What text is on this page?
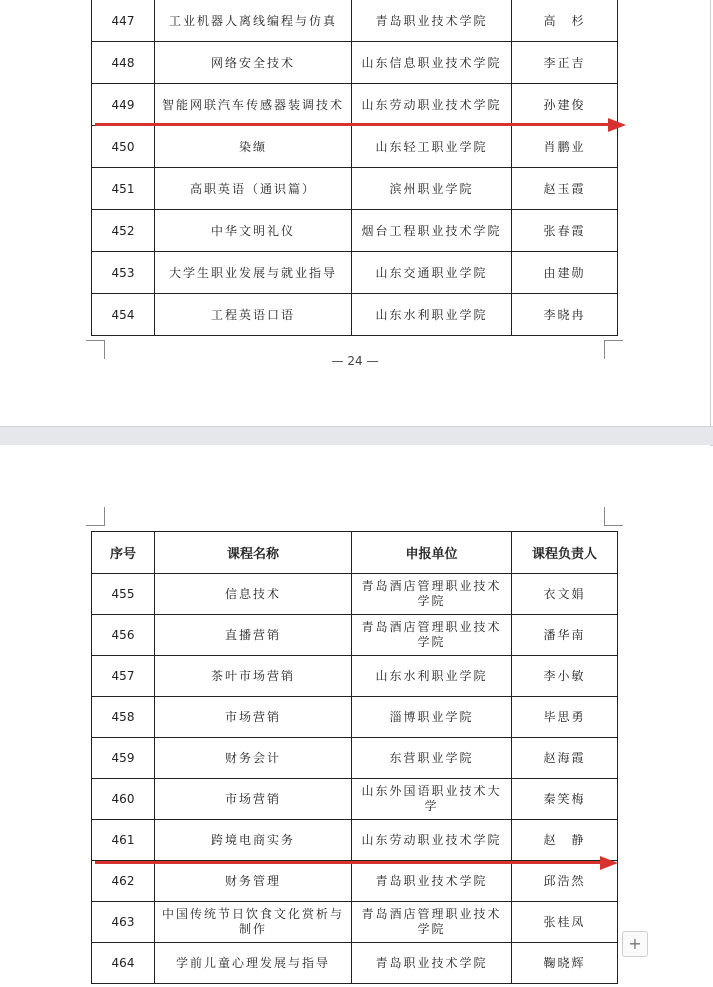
447	工业机器人离线编程与仿真	青岛职业技术学院	高　杉
448	网络安全技术	山东信息职业技术学院	李正吉
449	智能网联汽车传感器装调技术	山东劳动职业技术学院	孙建俊
450	染缬	山东轻工职业学院	肖鹏业
451	高职英语（通识篇）	滨州职业学院	赵玉霞
452	中华文明礼仪	烟台工程职业技术学院	张春霞
453	大学生职业发展与就业指导	山东交通职业学院	由建勋
454	工程英语口语	山东水利职业学院	李晓冉
— 24 —
序号	课程名称	申报单位	课程负责人
455	信息技术	青岛酒店管理职业技术学院	衣文娟
456	直播营销	青岛酒店管理职业技术学院	潘华南
457	茶叶市场营销	山东水利职业学院	李小敏
458	市场营销	淄博职业学院	毕思勇
459	财务会计	东营职业学院	赵海霞
460	市场营销	山东外国语职业技术大学	秦笑梅
461	跨境电商实务	山东劳动职业技术学院	赵　静
462	财务管理	青岛职业技术学院	邱浩然
463	中国传统节日饮食文化赏析与制作	青岛酒店管理职业技术学院	张桂凤
464	学前儿童心理发展与指导	青岛职业技术学院	鞠晓辉
+
